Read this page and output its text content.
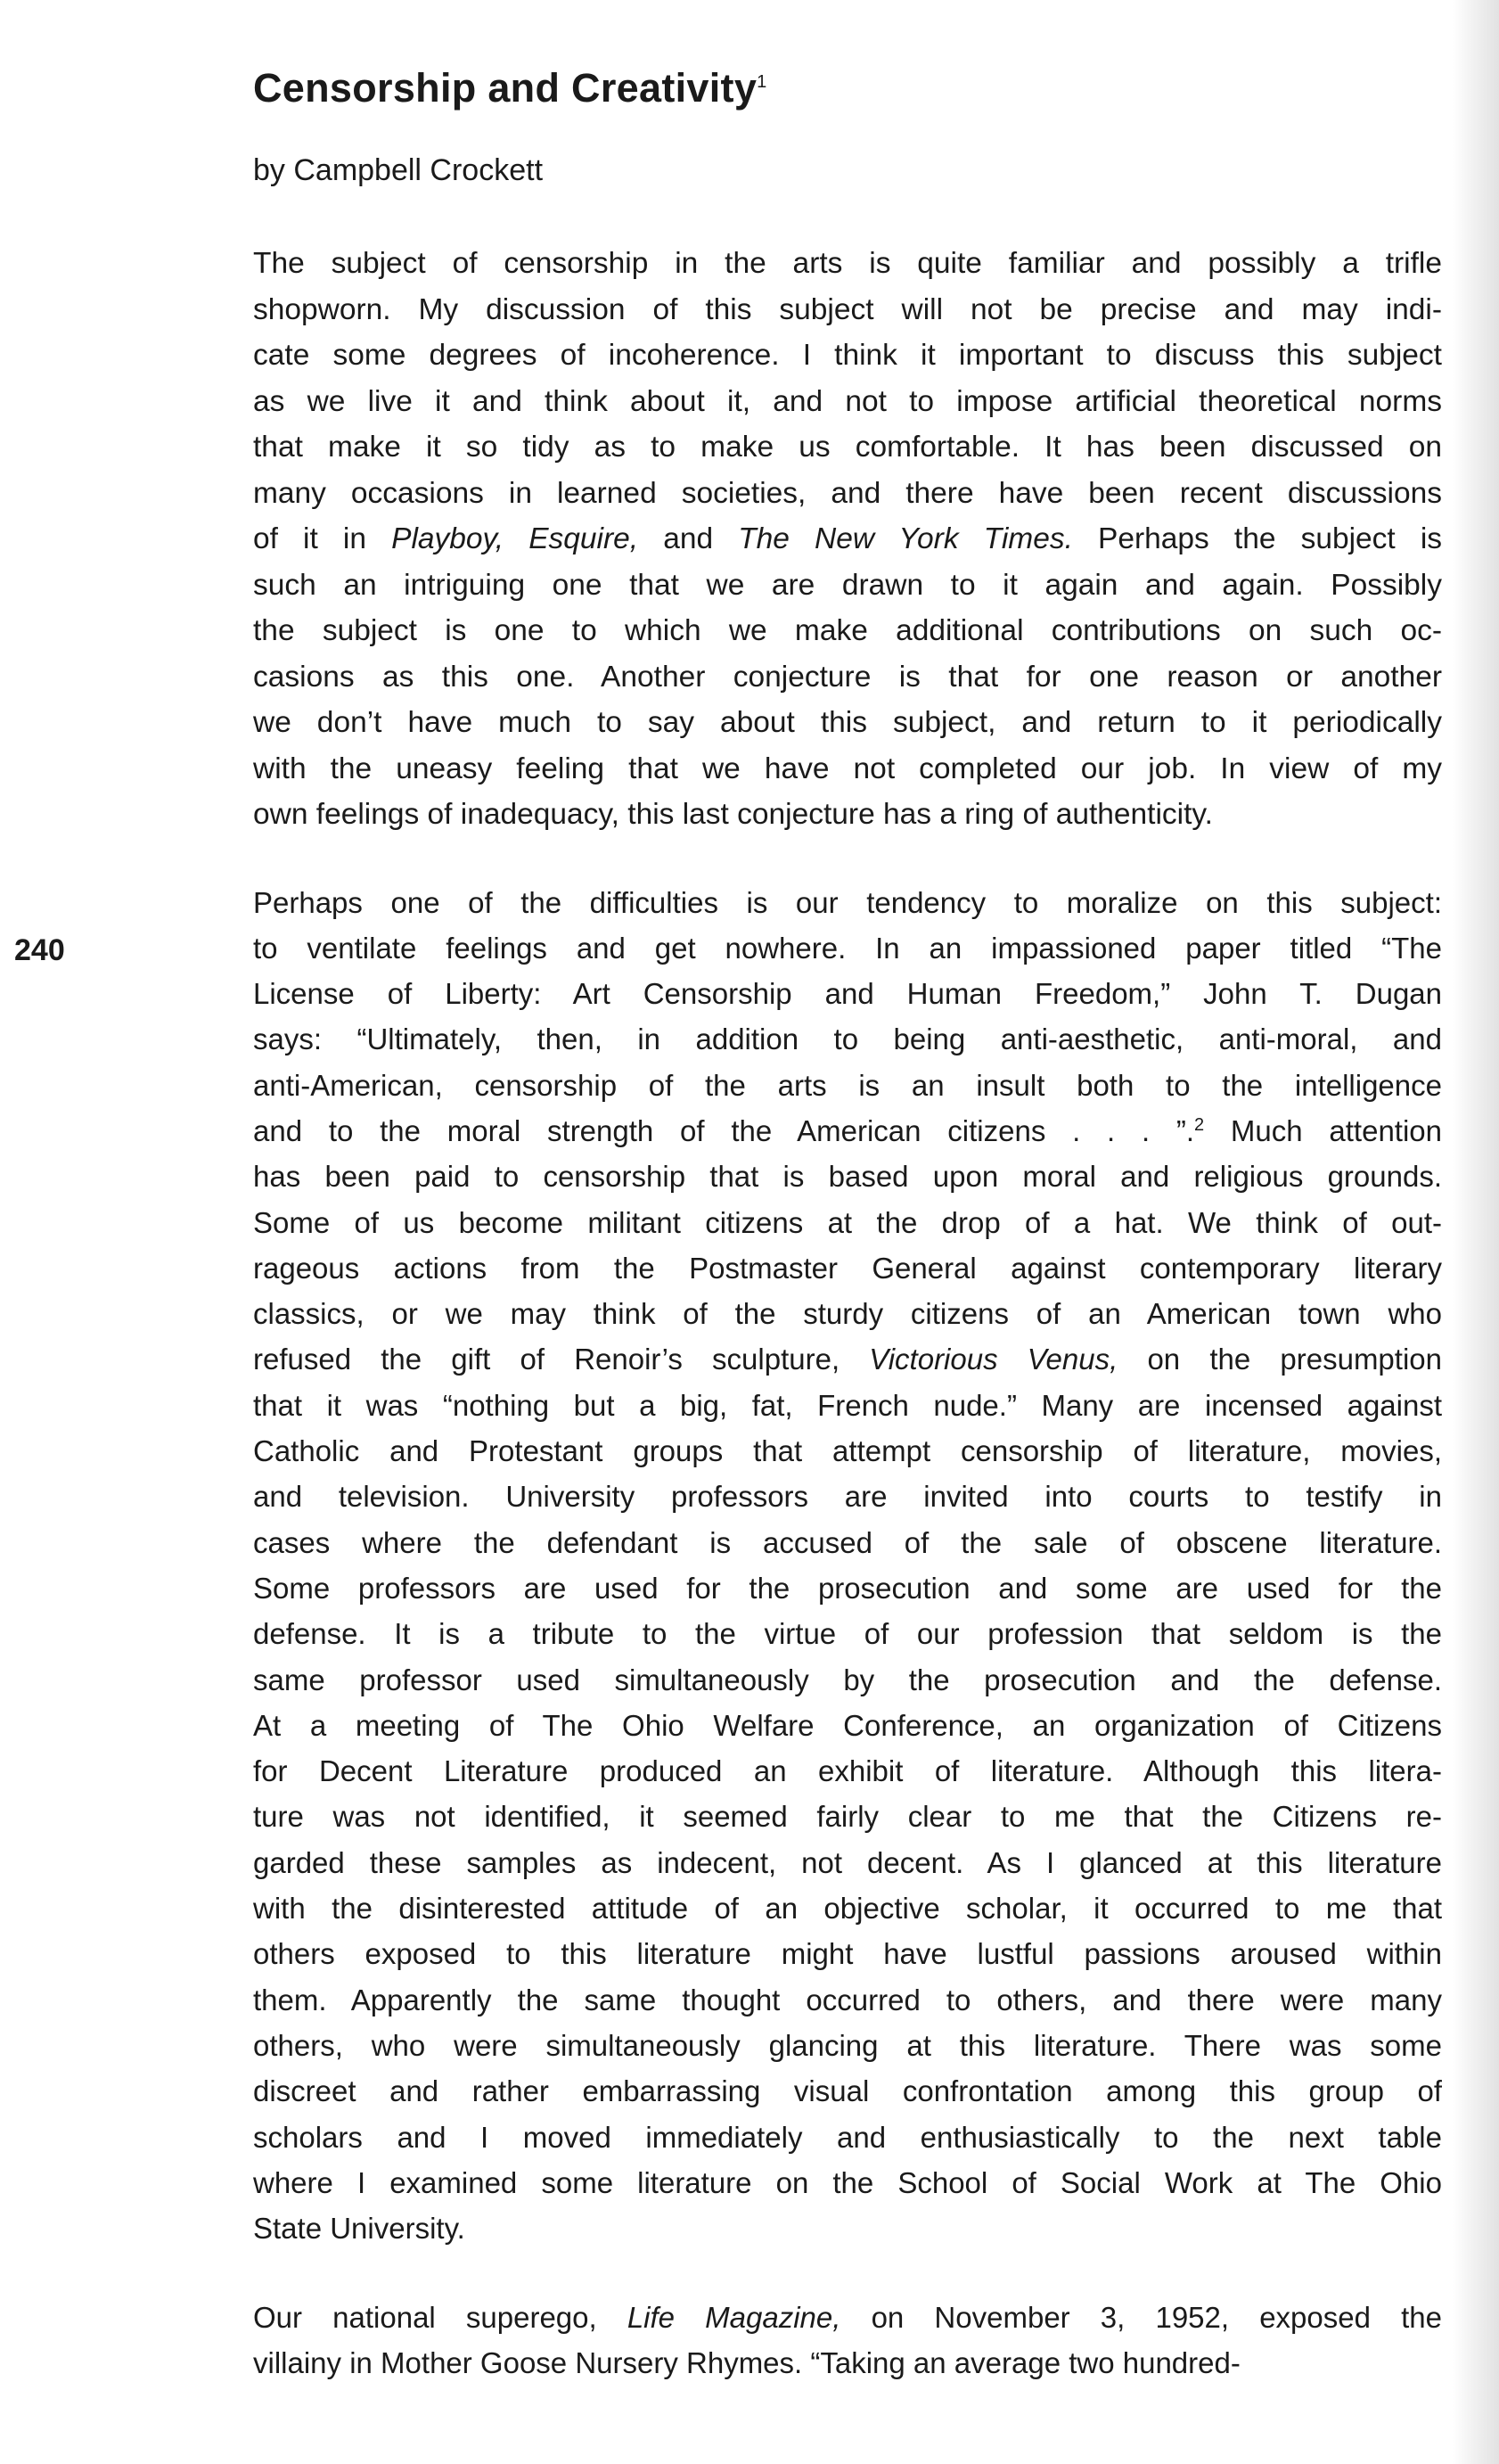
Censorship and Creativity$^1$

by Campbell Crockett

240
The subject of censorship in the arts is quite familiar and possibly a trifle
shopworn. My discussion of this subject will not be precise and may indi-
cate some degrees of incoherence. I think it important to discuss this subject
as we live it and think about it, and not to impose artificial theoretical norms
that make it so tidy as to make us comfortable. It has been discussed on
many occasions in learned societies, and there have been recent discussions
of it in Playboy, Esquire, and The New York Times. Perhaps the subject is
such an intriguing one that we are drawn to it again and again. Possibly
the subject is one to which we make additional contributions on such oc-
casions as this one. Another conjecture is that for one reason or another
we don’t have much to say about this subject, and return to it periodically
with the uneasy feeling that we have not completed our job. In view of my
own feelings of inadequacy, this last conjecture has a ring of authenticity.
Perhaps one of the difficulties is our tendency to moralize on this subject:
to ventilate feelings and get nowhere. In an impassioned paper titled “The
License of Liberty: Art Censorship and Human Freedom,” John T. Dugan
says: “Ultimately, then, in addition to being anti-aesthetic, anti-moral, and
anti-American, censorship of the arts is an insult both to the intelligence
and to the moral strength of the American citizens . . . ”.$^2$ Much attention
has been paid to censorship that is based upon moral and religious grounds.
Some of us become militant citizens at the drop of a hat. We think of out-
rageous actions from the Postmaster General against contemporary literary
classics, or we may think of the sturdy citizens of an American town who
refused the gift of Renoir’s sculpture, Victorious Venus, on the presumption
that it was “nothing but a big, fat, French nude.” Many are incensed against
Catholic and Protestant groups that attempt censorship of literature, movies,
and television. University professors are invited into courts to testify in
cases where the defendant is accused of the sale of obscene literature.
Some professors are used for the prosecution and some are used for the
defense. It is a tribute to the virtue of our profession that seldom is the
same professor used simultaneously by the prosecution and the defense.
At a meeting of The Ohio Welfare Conference, an organization of Citizens
for Decent Literature produced an exhibit of literature. Although this litera-
ture was not identified, it seemed fairly clear to me that the Citizens re-
garded these samples as indecent, not decent. As I glanced at this literature
with the disinterested attitude of an objective scholar, it occurred to me that
others exposed to this literature might have lustful passions aroused within
them. Apparently the same thought occurred to others, and there were many
others, who were simultaneously glancing at this literature. There was some
discreet and rather embarrassing visual confrontation among this group of
scholars and I moved immediately and enthusiastically to the next table
where I examined some literature on the School of Social Work at The Ohio
State University.
Our national superego, Life Magazine, on November 3, 1952, exposed the
villainy in Mother Goose Nursery Rhymes. “Taking an average two hundred-
